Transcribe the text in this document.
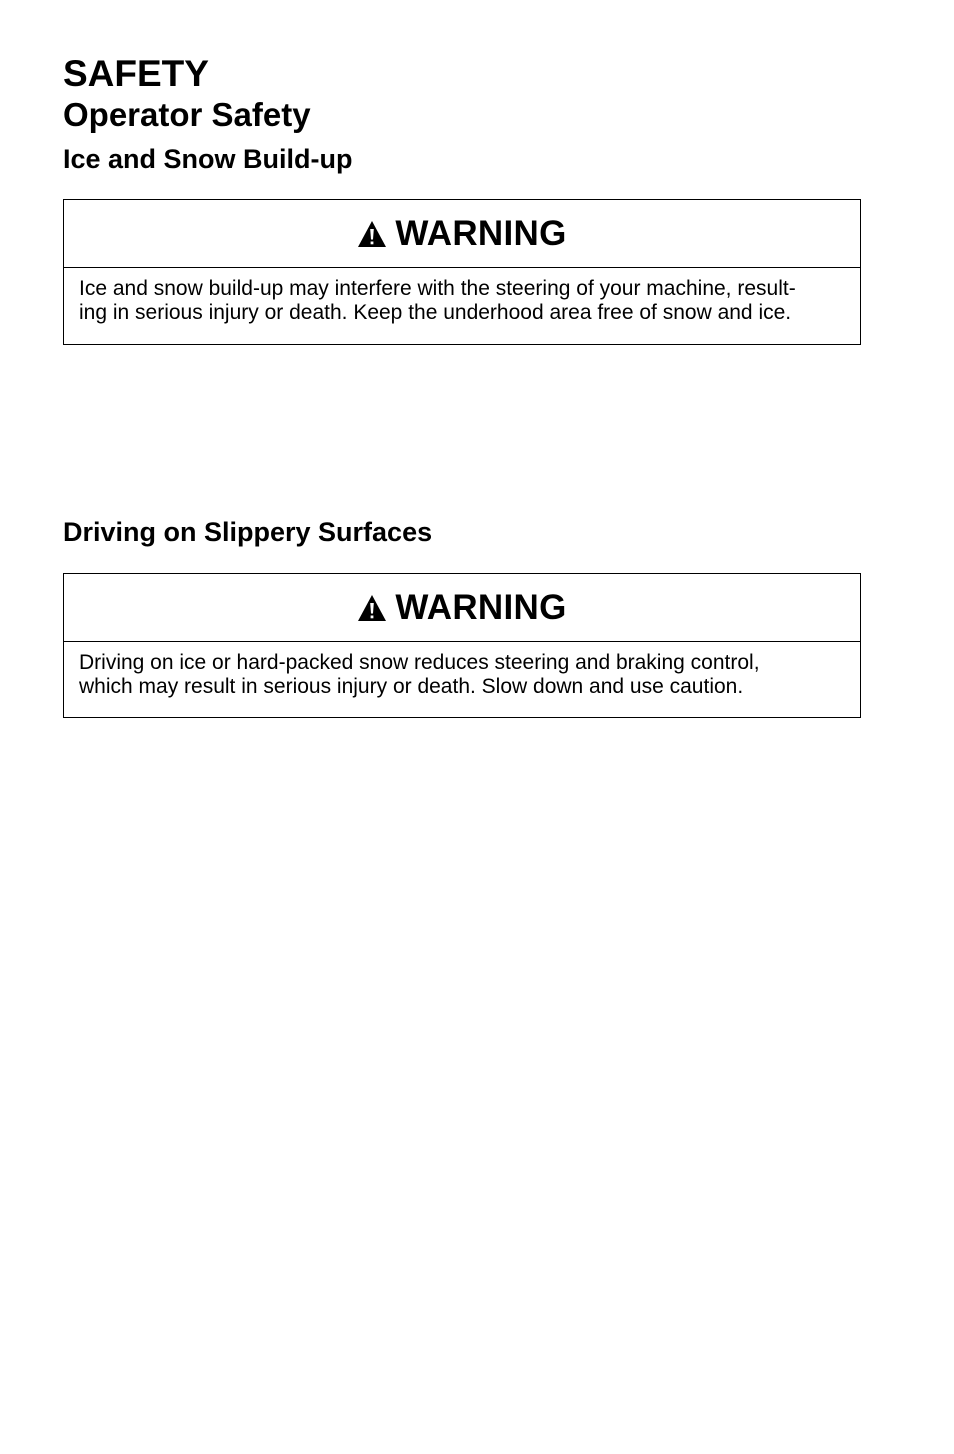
SAFETY
Operator Safety
Ice and Snow Build-up
WARNING

Ice and snow build-up may interfere with the steering of your machine, result-

ing in serious injury or death. Keep the underhood area free of snow and ice.

Driving on Slippery Surfaces
WARNING

Driving on ice or hard-packed snow reduces steering and braking control,

which may result in serious injury or death. Slow down and use caution.
